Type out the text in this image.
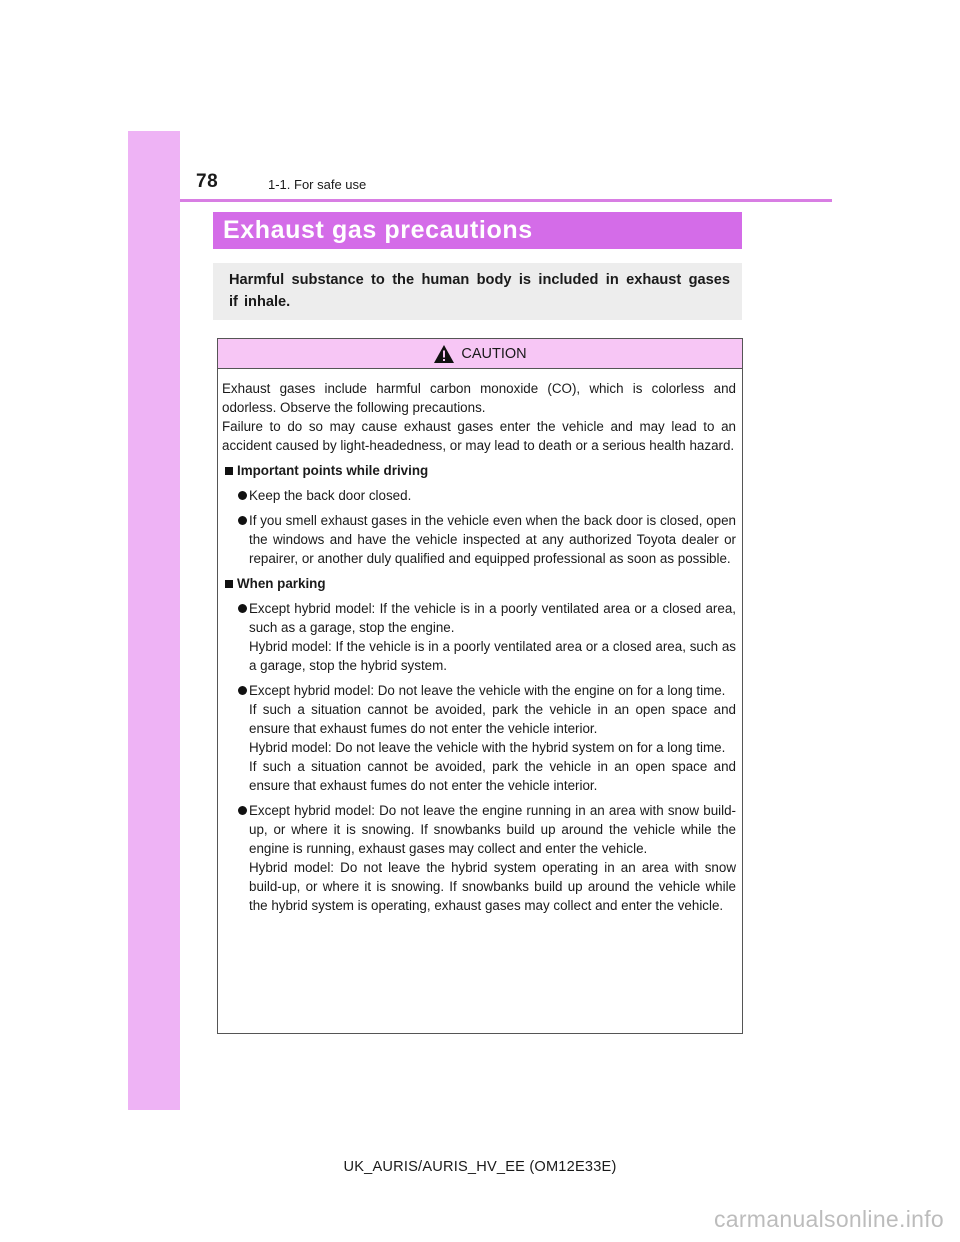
78	1-1. For safe use
Exhaust gas precautions
Harmful substance to the human body is included in exhaust gases if inhale.
CAUTION

Exhaust gases include harmful carbon monoxide (CO), which is colorless and odorless. Observe the following precautions.

Failure to do so may cause exhaust gases enter the vehicle and may lead to an accident caused by light-headedness, or may lead to death or a serious health hazard.

Important points while driving

Keep the back door closed.

If you smell exhaust gases in the vehicle even when the back door is closed, open the windows and have the vehicle inspected at any authorized Toyota dealer or repairer, or another duly qualified and equipped professional as soon as possible.

When parking

Except hybrid model: If the vehicle is in a poorly ventilated area or a closed area, such as a garage, stop the engine.

Hybrid model: If the vehicle is in a poorly ventilated area or a closed area, such as a garage, stop the hybrid system.

Except hybrid model: Do not leave the vehicle with the engine on for a long time.

If such a situation cannot be avoided, park the vehicle in an open space and ensure that exhaust fumes do not enter the vehicle interior.

Hybrid model: Do not leave the vehicle with the hybrid system on for a long time.

If such a situation cannot be avoided, park the vehicle in an open space and ensure that exhaust fumes do not enter the vehicle interior.

Except hybrid model: Do not leave the engine running in an area with snow build-up, or where it is snowing. If snowbanks build up around the vehicle while the engine is running, exhaust gases may collect and enter the vehicle.

Hybrid model: Do not leave the hybrid system operating in an area with snow build-up, or where it is snowing. If snowbanks build up around the vehicle while the hybrid system is operating, exhaust gases may collect and enter the vehicle.

UK_AURIS/AURIS_HV_EE (OM12E33E)
carmanualsonline.info
